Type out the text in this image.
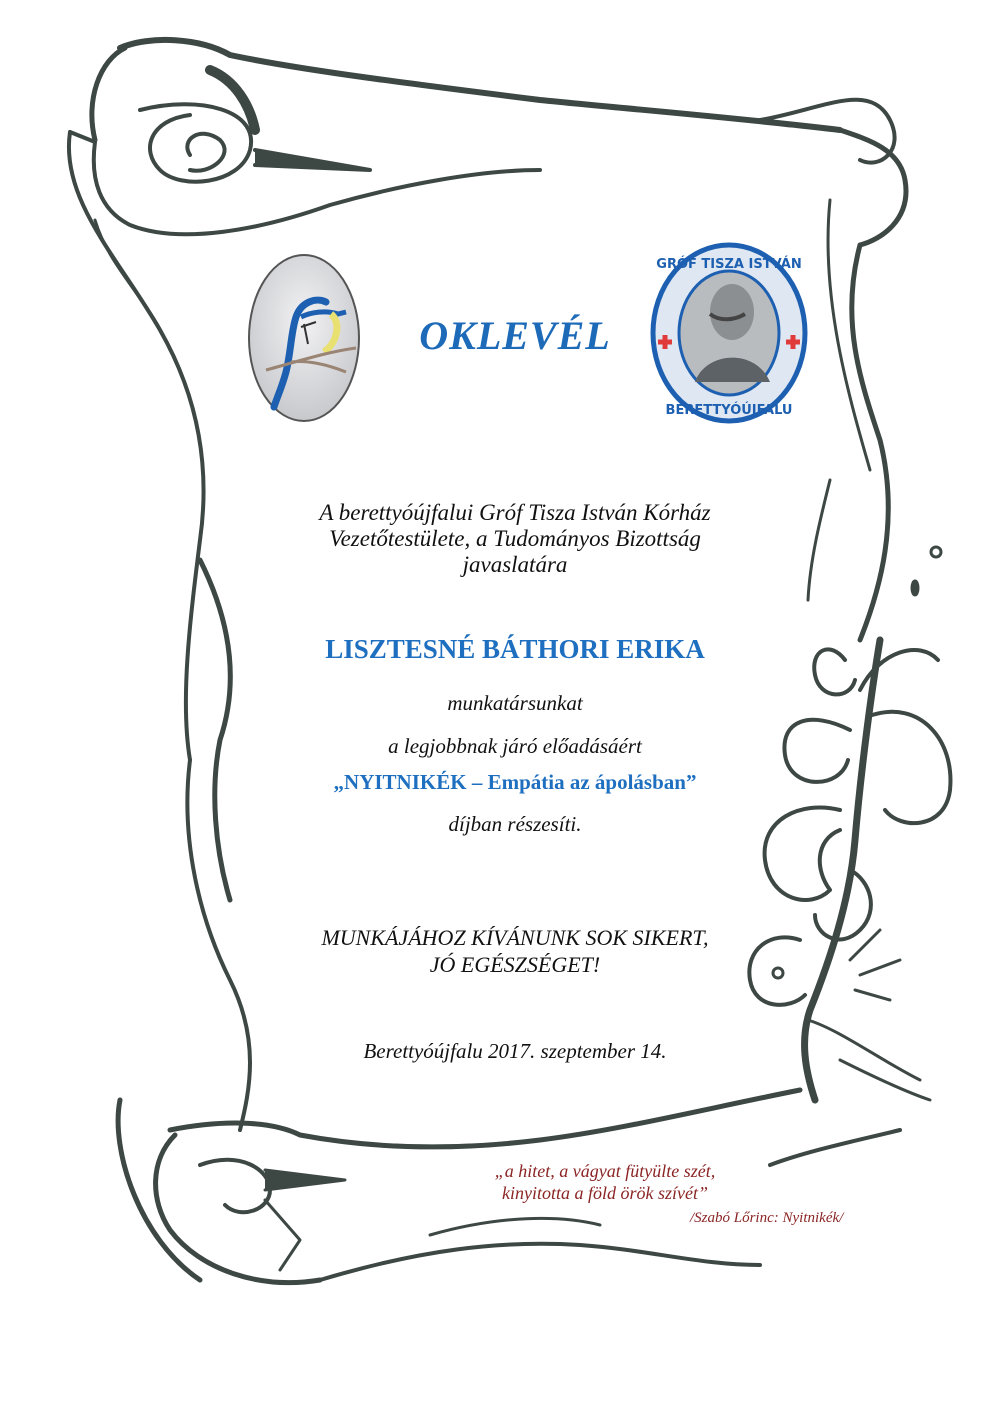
OKLEVÉL
GRÓF TISZA ISTVÁN
BERETTYÓÚJFALU
A berettyóújfalui Gróf Tisza István Kórház
Vezetőtestülete, a Tudományos Bizottság
javaslatára
LISZTESNÉ BÁTHORI ERIKA
munkatársunkat
a legjobbnak járó előadásáért
„NYITNIKÉK – Empátia az ápolásban”
díjban részesíti.
MUNKÁJÁHOZ KÍVÁNUNK SOK SIKERT,
JÓ EGÉSZSÉGET!
Berettyóújfalu 2017. szeptember 14.
„a hitet, a vágyat fütyülte szét,
kinyitotta a föld örök szívét”
/Szabó Lőrinc: Nyitnikék/
